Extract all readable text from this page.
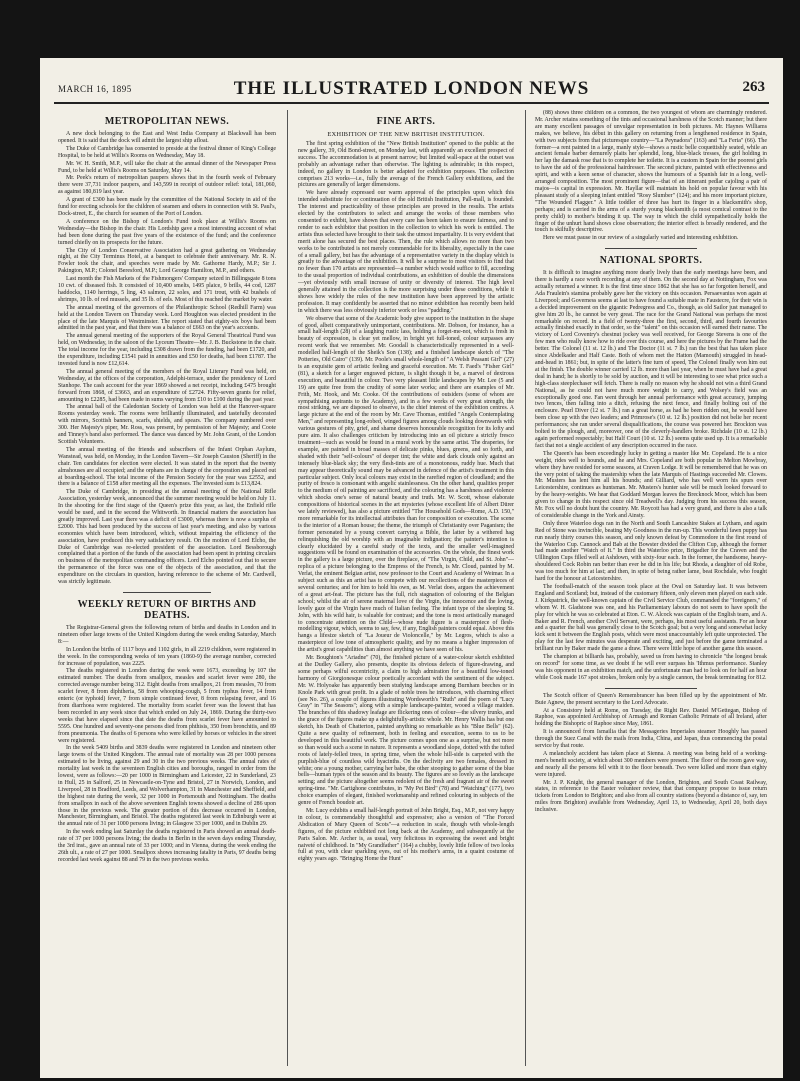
MARCH 16, 1895	THE ILLUSTRATED LONDON NEWS	263
METROPOLITAN NEWS.

A new dock belonging to the East and West India Company at Blackwall has been opened. It is said that the dock will admit the largest ship afloat.

The Duke of Cambridge has consented to preside at the festival dinner of King's College Hospital, to be held at Willis's Rooms on Wednesday, May 18.

Mr. W. H. Smith, M.P., will take the chair at the annual dinner of the Newspaper Press Fund, to be held at Willis's Rooms on Saturday, May 14.

Mr. Peek's return of metropolitan paupers shows that in the fourth week of February there were 37,731 indoor paupers, and 143,599 in receipt of outdoor relief: total, 181,060, as against 180,819 last year.

A grant of £300 has been made by the committee of the National Society in aid of the fund for erecting schools for the children of seamen and others in connection with St. Paul's, Dock-street, E., the church for seamen of the Port of London.

A conference on the Bishop of London's Fund took place at Willis's Rooms on Wednesday—the Bishop in the chair. His Lordship gave a most interesting account of what had been done during the past five years of the existence of the fund; and the conference turned chiefly on its prospects for the future.

The City of London Conservative Association had a great gathering on Wednesday night, at the City Terminus Hotel, at a banquet to celebrate their anniversary. Mr. R. N. Fowler took the chair, and speeches were made by Mr. Gathorne Hardy, M.P.; Sir J. Pakington, M.P.; Colonel Beresford, M.P.; Lord George Hamilton, M.P., and others.

Last month the Fish Markets of the Fishmongers' Company seized in Billingsgate 8 tons 10 cwt. of diseased fish. It consisted of 10,400 smelts, 1495 plaice, 9 brills, 44 cod, 1287 haddocks, 1140 herrings, 5 ling, 43 salmon, 22 soles, and 171 trout, with 42 bushels of shrimps, 10 lb. of red mussels, and 35 lb. of eels. Most of this reached the market by water.

The annual meeting of the governors of the Philanthropic School (Redhill Farm) was held at the London Tavern on Thursday week. Lord Houghton was elected president in the place of the late Marquis of Westminster. The report stated that eighty-six boys had been admitted in the past year, and that there was a balance of £663 on the year's accounts.

The annual general meeting of the supporters of the Royal General Theatrical Fund was held, on Wednesday, in the saloon of the Lyceum Theatre—Mr. J. B. Buckstone in the chair. The total income for the year, including £308 drawn from the funding, had been £1720, and the expenditure, including £1541 paid in annuities and £50 for deaths, had been £1787. The invested fund is now £12,614.

The annual general meeting of the members of the Royal Literary Fund was held, on Wednesday, at the offices of the corporation, Adelphi-terrace, under the presidency of Lord Stanhope. The cash account for the year 1869 showed a net receipt, including £475 brought forward from 1868, of £3663, and an expenditure of £2724. Fifty-seven grants for relief, amounting to £2285, had been made in sums varying from £10 to £100 during the past year.

The annual ball of the Caledonian Society of London was held at the Hanover-square Rooms yesterday week. The rooms were brilliantly illuminated, and tastefully decorated with mirrors, Scottish banners, scarfs, shields, and spears. The company numbered over 300. Her Majesty's piper, Mr. Ross, was present, by permission of her Majesty; and Coote and Tinney's band also performed. The dance was danced by Mr. John Grant, of the London Scottish Volunteers.

The annual meeting of the friends and subscribers of the Infant Orphan Asylum, Wanstead, was held, on Monday, in the London Tavern—Sir Joseph Causton (Sheriff) in the chair. Ten candidates for election were elected. It was stated in the report that the twenty almshouses are all occupied; and the orphans are in charge of the corporation and placed out at boarding-school. The total income of the Pension Society for the year was £2552, and there is a balance of £158 after meeting all the expenses. The invested sum is £13,824.

The Duke of Cambridge, in presiding at the annual meeting of the National Rifle Association, yesterday week, announced that the summer meeting would be held on July 11. In the shooting for the first stage of the Queen's prize this year, as last, the Enfield rifle would be used, and in the second the Whitworth. In financial matters the association has greatly improved. Last year there was a deficit of £3000, whereas there is now a surplus of £2000. This had been produced by the success of last year's meeting, and also by various economies which have been introduced, which, without impairing the efficiency of the association, have produced this very satisfactory result. On the motion of Lord Elcho, the Duke of Cambridge was re-elected president of the association. Lord Bessborough complained that a portion of the funds of the association had been spent in printing circulars on business of the metropolitan commanding officers. Lord Elcho pointed out that to secure the permanence of the force was one of the objects of the association, and that the expenditure on the circulars in question, having reference to the scheme of Mr. Cardwell, was strictly legitimate.

WEEKLY RETURN OF BIRTHS AND DEATHS.

The Registrar-General gives the following return of births and deaths in London and in nineteen other large towns of the United Kingdom during the week ending Saturday, March 8:—

In London the births of 1117 boys and 1102 girls, in all 2219 children, were registered in the week. In the corresponding weeks of ten years (1860-9) the average number, corrected for increase of population, was 2225.

The deaths registered in London during the week were 1673, exceeding by 107 the estimated number. The deaths from smallpox, measles and scarlet fever were 280, the corrected average number being 312. Eight deaths from smallpox, 21 from measles, 70 from scarlet fever, 8 from diphtheria, 58 from whooping-cough, 5 from typhus fever, 14 from enteric (or typhoid) fever, 7 from simple continued fever, 8 from relapsing fever, and 16 from diarrhoea were registered. The mortality from scarlet fever was the lowest that has been recorded in any week since that which ended on July 24, 1869. During the thirty-two weeks that have elapsed since that date the deaths from scarlet fever have amounted to 5595. One hundred and seventy-one persons died from phthisis, 350 from bronchitis, and 89 from pneumonia. The deaths of 6 persons who were killed by horses or vehicles in the street were registered.

In the week 5409 births and 3839 deaths were registered in London and nineteen other large towns of the United Kingdom. The annual rate of mortality was 28 per 1000 persons estimated to be living, against 29 and 30 in the two previous weeks. The annual rates of mortality last week in the seventeen English cities and boroughs, ranged in order from the lowest, were as follows:—20 per 1000 in Birmingham and Leicester, 22 in Sunderland, 23 in Hull, 25 in Salford, 25 in Newcastle-on-Tyne and Bristol, 27 in Norwich, London, and Liverpool, 28 in Bradford, Leeds, and Wolverhampton, 31 in Manchester and Sheffield, and the highest rate during the week, 32 per 1000 in Portsmouth and Nottingham. The deaths from smallpox in each of the above seventeen English towns showed a decline of 286 upon those in the previous week. The greater portion of this decrease occurred in London, Manchester, Birmingham, and Bristol. The deaths registered last week in Edinburgh were at the annual rate of 31 per 1000 persons living; in Glasgow 33 per 1000, and in Dublin 29.

In the week ending last Saturday the deaths registered in Paris showed an annual death-rate of 37 per 1000 persons living; the deaths in Berlin in the seven days ending Thursday, the 3rd inst., gave an annual rate of 33 per 1000; and in Vienna, during the week ending the 26th ult., a rate of 27 per 1000. Smallpox shows increasing fatality in Paris, 97 deaths being recorded last week against 88 and 79 in the two previous weeks.

FINE ARTS.
EXHIBITION OF THE NEW BRITISH INSTITUTION.

The first spring exhibition of the "New British Institution" opened to the public at the new gallery, 39, Old Bond-street, on Monday last, with apparently an excellent prospect of success. The accommodation is at present narrow; but limited wall-space at the outset was probably an advantage rather than otherwise. The lighting is admirable; in this respect, indeed, no gallery in London is better adapted for exhibition purposes. The collection comprises 213 works—i.e., fully the average of the French Gallery exhibitions, and the pictures are generally of larger dimensions.

We have already expressed our warm approval of the principles upon which this intended substitute for or continuation of the old British Institution, Pall-mall, is founded. The interest and practicability of those principles are proved in the results. The artists elected by the contributors to select and arrange the works of those members who consented to exhibit, have shown that every care has been taken to ensure fairness, and to render to each exhibitor that position in the collection to which his work is entitled. The artists thus selected have brought to their task the utmost impartiality. It is very evident that merit alone has secured the best places. Then, the rule which allows no more than two works to be contributed is not merely commendable for its liberality, especially in the case of a small gallery, but has the advantage of a representative variety in the display which is greatly to the advantage of the exhibition. It will be a surprise to most visitors to find that no fewer than 170 artists are represented—a number which would suffice to fill, according to the usual proportion of individual contributions, an exhibition of double the dimensions—yet obviously with small increase of unity or diversity of interest. The high level generally attained in the collection is the more surprising under these conditions, while it shows how widely the rules of the new institution have been approved by the artistic profession. It may confidently be asserted that no minor exhibition has recently been held in which there was less obviously inferior work or less "padding."

We observe that some of the Academic body give support to the institution in the shape of good, albeit comparatively unimportant, contributions. Mr. Dobson, for instance, has a small half-length (28) of a laughing rustic lass, holding a forget-me-not, which is fresh in beauty of expression, is clear yet mellow, in bright yet full-toned, colour surpasses any recent work that we remember. Mr. Goodall is characteristically represented in a well-modelled half-length of the Sheik's Son (138); and a finished landscape sketch of "The Potteries, Old Cairo" (139). Mr. Poole's small whole-length of "A Welsh Peasant Girl" (27) is an exquisite gem of artistic feeling and graceful execution. Mr. T. Faed's "Fisher Girl" (81), a sketch for a larger engraved picture, is slight though it be, a marvel of dextrous execution, and beautiful in colour. Two very pleasant little landscapes by Mr. Lee (5 and 19) are quite free from the crudity of some later works; and there are examples of Mr. Frith, Mr. Hook, and Mr. Cooke. Of the contributions of outsiders (some of whom are sympathising aspirants to the Academy), and in a few works of very great strength, the most striking, we are disposed to observe, is the chief interest of the exhibition centres. A large picture at the end of the room by Mr. Cave Thomas, entitled "Angels Contemplating Men," and representing long-robed, winged figures among clouds looking downwards with various gestures of pity, grief, and shame deserves honourable recognition for its lofty and pure aim. It also challenges criticism by introducing into an oil picture a strictly fresco treatment—such as would be found in a mural work by the same artist. The draperies, for example, are painted in broad masses of delicate pinks, blues, greens, and so forth, and shaded with their "self-colours" of deeper tint; the white and dark clouds only against an intensely blue-black sky; the very flesh-tints are of a monotonous, ruddy hue. Much that may appear theoretically sound may be advanced in defence of the artist's treatment in this particular subject. Only local colours may exist in the rarefied region of cloudland; and the purity of fresco is consonant with angelic stainlessness. On the other hand, qualities proper to the medium of oil painting are sacrificed, and the colouring has a harshness and violence which shocks one's sense of natural beauty and truth. Mr. W. Scott, whose elaborate compositions of historical scenes in the art mysteries (whose excellent life of Albert Dürer we lately reviewed), has also a picture entitled "The Household Gods—Rome, A.D. 150," more remarkable for its intellectual attributes than for composition or execution. The scene is the interior of a Roman house; the theme, the triumph of Christianity over Paganism; the former personated by a young convert carrying a Bible, the latter by a withered hag relinquishing the old worship with an imaginable indignation; the painter's intention is clearly elucidated by a careful study of the texts, and the smaller well-imagined suggestions will be found on examination of the accessories. On the whole, the finest work in the gallery is a large picture, over the fireplace, of "The Virgin, Child, and St. John"—replica of a picture belonging to the Empress of the French, is Mr. Cloud, painted by M. Verlat, the eminent Belgian artist, now professor to the Court and Academy of Weimar. In a subject such as this an artist has to compete with our recollections of the masterpieces of several centuries; and for him to hold his own, as M. Verlat does, argues the achievement of a great art-feat. The picture has the full, rich stagnation of colouring of the Belgian school; whilst the air of serene maternal love of the Virgin, the innocence and the loving, lovely gaze of the Virgin have much of Italian feeling. The infant type of the sleeping St. John, with his wild hair, is valuable for contrast; and the tone is most artistically managed to concentrate attention on the Child—whose nude figure is a masterpiece of flesh-modelling vigour, which, seems to say, few, if any, English painters could equal. Above this hangs a lifesize sketch of "La Joueur de Violoncelle," by Mr. Legros, which is also a masterpiece of low tone of atmospheric quality, and by no means a higher impression of the artist's great capabilities than almost anything we have seen of his.

Mr. Boughton's "Ariadne" (70), the finished picture of a water-colour sketch exhibited at the Dudley Gallery, also presents, despite its obvious defects of figure-drawing, and some perhaps wilful eccentricity, a claim to high admiration for a beautiful low-toned harmony of Giorgionesque colour poetically accordant with the sentiment of the subject. Mr. W. Holyoake has apparently been studying landscape among Burnham beeches or in Knole Park with great profit. In a glade of noble trees he introduces, with charming effect (see No. 26), a couple of figures illustrating Wordsworth's "Ruth" and the poem of "Lucy Gray" in "The Seasons"; along with a simple landscape-painter, wooed a village maiden. The branches of this shadowy leafage are flickering ones of colour—the silvery trunks, and the grace of the figures make up a delightfully-artistic whole. Mr. Henry Wallis has but one sketch, his Death of Chatterton, painted anything so remarkable as his "Blue Bells" (62). Quite a new quality of refinement, both in feeling and execution, seems to us to be developed in this beautiful work. The picture comes upon one as a surprise, but not more so than would such a scene in nature. It represents a woodland slope, dotted with the tufted roots of lately-felled trees, in spring time, when the whole hill-side is carpeted with the purplish-blue of countless wild hyacinths. On the declivity are two females, dressed in white; one a young mother, carrying her babe, the other stooping to gather some of the blue bells—human types of the season and its beauty. The figures are so lovely as the landscape setting; and the picture altogether seems redolent of the fresh and fragrant air of the sweet spring-time. "Mr. Cartighone contributes, in "My Pet Bird" (78) and "Watching" (177), two choice examples of elegant, finished workmanship and refined colouring in subjects of the genre of French boudoir art.

Mr. Lucy exhibits a small half-length portrait of John Bright, Esq., M.P., not very happy in colour, is commendably thoughtful and expressive; also a version of "The Forced Abdication of Mary Queen of Scots"—a reduction in scale, though with whole-length figures, of the picture exhibited not long back at the Academy, and subsequently at the Paris Salon. Mr. Archer is, as usual, very felicitous in expressing the sweet and bright naiveté of childhood. In "My Grandfather" (164) a chubby, lovely little fellow of two looks full at you, with clear sparkling eyes, out of his mother's arms, in a quaint costume of eighty years ago. "Bringing Home the Hunt"

(88) shows three children on a common, the two youngest of whom are charmingly rendered. Mr. Archer retains something of the tints and occasional harshness of the Scotch manner; but there are many excellent passages of unvulgar representation in both pictures. Mr. Haynes Williams makes, we believe, his début in this gallery on returning from a lengthened residence in Spain, with two subjects from that picturesque country—"La Peynadora" (163) and "La Feria" (66). The former—a rent painted in a large, manly style—shows a rustic belle coquettishly seated, while an ancient female barber demurely plaits her splendid, long, blue-black tresses, the girl holding in her lap the damask rose that is to complete her toilette. It is a custom in Spain for the poorest girls to have the aid of the professional hairdresser. The second picture, painted with effectiveness and spirit, and with a keen sense of character, shows the humours of a Spanish fair in a long, well-arranged composition. The most prominent figure—that of an itinerant pedlar cajoling a pair of majos—is capital in expression. Mr. Hayllar will maintain his hold on popular favour with his pleasant study of a sleeping infant entitled "Rosy Slumber" (124); and his more important picture, "The Wounded Flagger." A little toddler of three has hurt its finger in a blacksmith's shop, perhaps; and is carried in the arms of a sturdy young blacksmith (a most comical contrast to the pretty child) to mother's binding it up. The way in which the child sympathetically holds the finger of the unhurt hand shows close observation; the interior effect is broadly rendered, and the touch is skilfully descriptive.

Here we must pause in our review of a singularly varied and interesting exhibition.

NATIONAL SPORTS.

It is difficult to imagine anything more dearly lively than the early meetings have been, and there is hardly a race worth recording at any of them. On the second day at Nottingham, Fox was actually returned a winner. It is the first time since 1862 that she has so far forgotten herself, and Ada Fraulein's stamina probably gave her the victory on this occasion. Persaevanius won again at Liverpool; and Governess seems at last to have found a suitable mate in Faustecre, for their win is a decided improvement on the gigantic Pedregress and Co., though, as old Sailor just managed to give him 20 lb., he cannot be very great. The race for the Grand National was perhaps the most remarkable on record. In a field of twenty-three the first, second, third, and fourth favourites actually finished exactly in that order, so the "talent" on this occasion will earned their name. The victory of Lord Coventry's chestnut jockey was well received, for George Stevens is one of the few men who really know how to ride over this course, and here the pictures by the Frame had the better. The Colonel (11 st. 12 lb.) and The Doctor (11 st. 7 lb.) ran the best that has taken place since Abdelkader and Half Caste. Both of whom met the Hatton (Mamouth) struggled in head-and-head in 1861; but, in spite of the latter's fine turn of speed, The Colonel finally won him out at the finish. The double winner carried 12 lb. more than last year, when he must have had a great deal in hand; he is shortly to be sold by auction, and it will be interesting to see what price such a high-class steeplechaser will fetch. There is really no reason why he should not win a third Grand National, as he could not have much more weight to carry, and Wolsey's field was an exceptionally good one. Fan went through her annual performance with great accuracy, jumping two fences, then falling into a ditch, refusing the next fence, and finally bolting out of the enclosure. Pearl Diver (12 st. 7 lb.) ran a great horse, as had he been ridden out, he would have been close up with the two leaders; and Primrose's (10 st. 12 lb.) position did not belie her recent performances; she ran under several disqualifications, the course was powered her. Brockton was bolted to the plough, and, moreover, one of the cleverly-handlers broke. Richdale (10 st. 12 lb.) again performed respectably; but Half Court (10 st. 12 lb.) seems quite used up. It is a remarkable fact that not a single accident of any description occurred in the race.

The Queen's has been exceedingly lucky in getting a master like Mr. Copeland. He is a nice weight, rides well to hounds, and he and Mrs. Copeland are both popular in Melton Mowbray, where they have resided for some seasons, at Craven Lodge. It will be remembered that he was on the very point of taking the mastership when the late Marquis of Hastings succeeded Mr. Clowes. Mr. Musters has lent him all his hounds; and Gilliard, who has well worn his spurs over Leicestershire, continues as huntsman. Mr. Musters's hunter sale will be much looked forward to by the heavy-weights. We hear that Goddard Morgan leaves the Brecknock Moor, which has been given to change in this respect since old Treadwell's day. Judging from his success this season, Mr. Fox will no doubt hunt the country. Mr. Roycott has had a very grand, and there is also a talk of considerable change in the York and Ainsty.

Only three Waterloo dogs ran in the North and South Lancashire Stakes at Lytham, and again Red of Stone was invincible, beating My Goodness in the run-up. This wonderful fawn puppy has run nearly thirty courses this season, and only known defeat by Commodore in the first round of the Waterloo Cup. Cannock and Bab at the Bowster divided the Clifton Cup, although the former had made another "Watch of It." In third the Waterloo prize, Brigadier for the Craven and the Ulllington Cups filled well at Ashdown, with sixty-four each. In the former, the handsome, heavy-shouldered Cock Robin ran better than ever he did in his life; but Rhoda, a daughter of old Robe, was too much for him at last; and then, in spite of being rather lame, beat Rochdale, who fought hard for the honour at Leicestershire.

The football-match of the season took place at the Oval on Saturday last. It was between England and Scotland; but, instead of the customary fifteen, only eleven men played on each side. J. Kirkpatrick, the well-known captain of the Civil Service Club, commanded the "foreigners," of whom W. H. Gladstone was one, and his Parliamentary labours do not seem to have spoilt the play for which he was so celebrated at Eton. C. W. Alcock was captain of the English team, and A. Baker and R. French, another Civil Servant, were, perhaps, his most useful assistants. For an hour and a quarter the ball was generally close to the Scotch goal; but a very long and somewhat lucky kick sent it between the English posts, which were most unaccountably left quite unprotected. The play for the last few minutes was desperate and exciting, and just before the game terminated a brilliant run by Baker made the game a draw. There were little hope of another game this season.

The champion at billiards has, probably, saved us from having to chronicle "the longest break on record" for some time, as we doubt if he will ever surpass his 'Ithmus performance. Stanley was his opponent in an exhibition match, and the unfortunate man had to look on for half an hour while Cook made 167 spot strokes, broken only by a single cannon, the break terminating for 812.

The Scotch officer of Queen's Remembrancer has been filled up by the appointment of Mr. Buie Agnew, the present secretary to the Lord Advocate.

At a Consistory held at Rome, on Tuesday, the Right Rev. Daniel M'Gettegan, Bishop of Raphoe, was appointed Archbishop of Armagh and Roman Catholic Primate of all Ireland, after holding the Bishopric of Raphoe since May, 1861.

It is announced from Ismailia that the Messageries Imperiales steamer Hooghly has passed through the Suez Canal with the mails from India, China, and Japan, thus commencing the postal service by that route.

A melancholy accident has taken place at Sienna. A meeting was being held of a working-men's benefit society, at which about 300 members were present. The floor of the room gave way, and nearly all the persons fell with it to the floor beneath. Two were killed and more than eighty were injured.

Mr. J. P. Knight, the general manager of the London, Brighton, and South Coast Railway, states, in reference to the Easter volunteer review, that that company propose to issue return tickets from London to Brighton; and also from all country stations (beyond a distance of, say, ten miles from Brighton) available from Wednesday, April 13, to Wednesday, April 20, both days inclusive.
